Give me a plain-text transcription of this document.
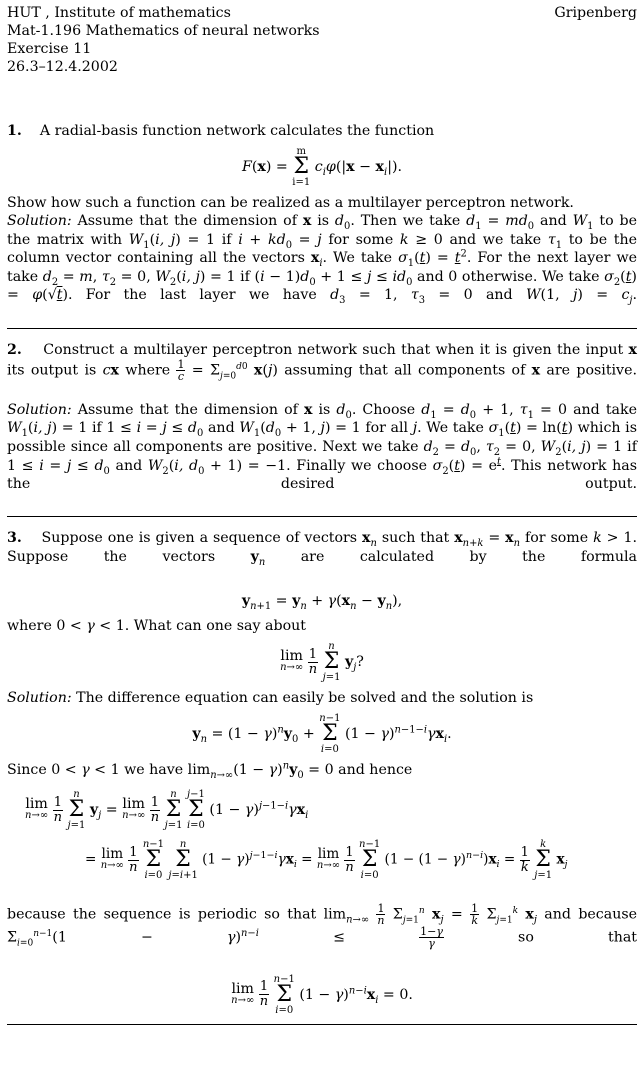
HUT , Institute of mathematics	Gripenberg
Mat-1.196 Mathematics of neural networks
Exercise 11
26.3–12.4.2002
1. A radial-basis function network calculates the function
F(x) =
m
Σ
i=1
$c_i\varphi(|x - x_i|)$.
Show how such a function can be realized as a multilayer perceptron network.
Solution: Assume that the dimension of x is $d_0$. Then we take $d_1 = md_0$ and $W_1$ to be the matrix with $W_1(i$, j) = 1 if $i + kd_0 = j$ for some k ≥ 0 and we take $\tau_1$ to be the column vector containing all the vectors $x_i$. We take $\sigma_1(t) = t^2$. For the next layer we take $d_2 = m$, $\tau_2 = 0$, $W_2(i$, j) = 1 if $(i - 1)d_0 + 1 \le j \le id_0$ and 0 otherwise. We take $\sigma_2(t) = \varphi(√t)$. For the last layer we have $d_3 = 1$, $\tau_3 = 0$ and W(1, $j) = c_j$.
2.    Construct a multilayer perceptron network such that when it is given the input x its output is cx where $\frac{1}{c} = \Sigma_{j=0}^{d0}$ x(j) assuming that all components of x are positive.
Solution: Assume that the dimension of x is $d_0$. Choose $d_1 = d_0 + 1$, $\tau_1 = 0$ and take $W_1(i$, j) = 1 if $1 \le i = j \le d_0$ and $W_1(d_0 + 1$, j) = 1 for all j. We take $\sigma_1(t) = \ln(t)$ which is possible since all components are positive. Next we take $d_2 = d_0$, $\tau_2 = 0$, $W_2(i$, j) = 1 if $1 \le i = j \le d_0$ and $W_2(i$, $d_0 + 1) = -1$. Finally we choose $\sigma_2(t) = e^t$. This network has the desired output.
3.    Suppose one is given a sequence of vectors $x_n$ such that $x_{n+k} = x_n$ for some k > 1. Suppose the vectors $y_n$ are calculated by the formula
$y_{n+1} = y_n + \gamma(x_n - y_n)$,
where 0 < γ < 1. What can one say about
lim
n→∞
$\frac{1}{n}$

n
Σ
j=1
$y_j$?
Solution: The difference equation can easily be solved and the solution is
$y_n = (1 - \gamma)^ny_0$ +
n−1
Σ
i=0
$(1 - \gamma)^{n-1-i}\gamma x_i$.
Since 0 < γ < 1 we have $\lim_{n\to\infty}(1 - \gamma)^ny_0 = 0$ and hence
lim
n→∞
$\frac{1}{n}$

n
Σ
j=1
$y_j = \lim$
n→∞
$\frac{1}{n}$

n
Σ
j=1

j−1
Σ
i=0
$(1 - \gamma)^{j-1-i}\gamma x_i$
= lim
n→∞
$\frac{1}{n}$

n−1
Σ
i=0

n
Σ
j=i+1
$(1 - \gamma)^{j-1-i}\gamma x_i = \lim$
n→∞
$\frac{1}{n}$

n−1
Σ
i=0
$(1 - (1 - \gamma)^{n-i})x_i = \frac{1}{k}$

k
Σ
j=1
$x_j$
because the sequence is periodic so that $\lim_{n\to\infty} \frac{1}{n} \Sigma_{j=1}^n$ $x_j = \frac{1}{k} \Sigma_{j=1}^k$ $x_j$ and because $\Sigma_{i=0}^{n-1}(1 - \gamma)^{n-i} \le \frac{1-\gamma}{\gamma}$ so that
lim
n→∞
$\frac{1}{n}$

n−1
Σ
i=0
$(1 - \gamma)^{n-i}x_i = 0$.
